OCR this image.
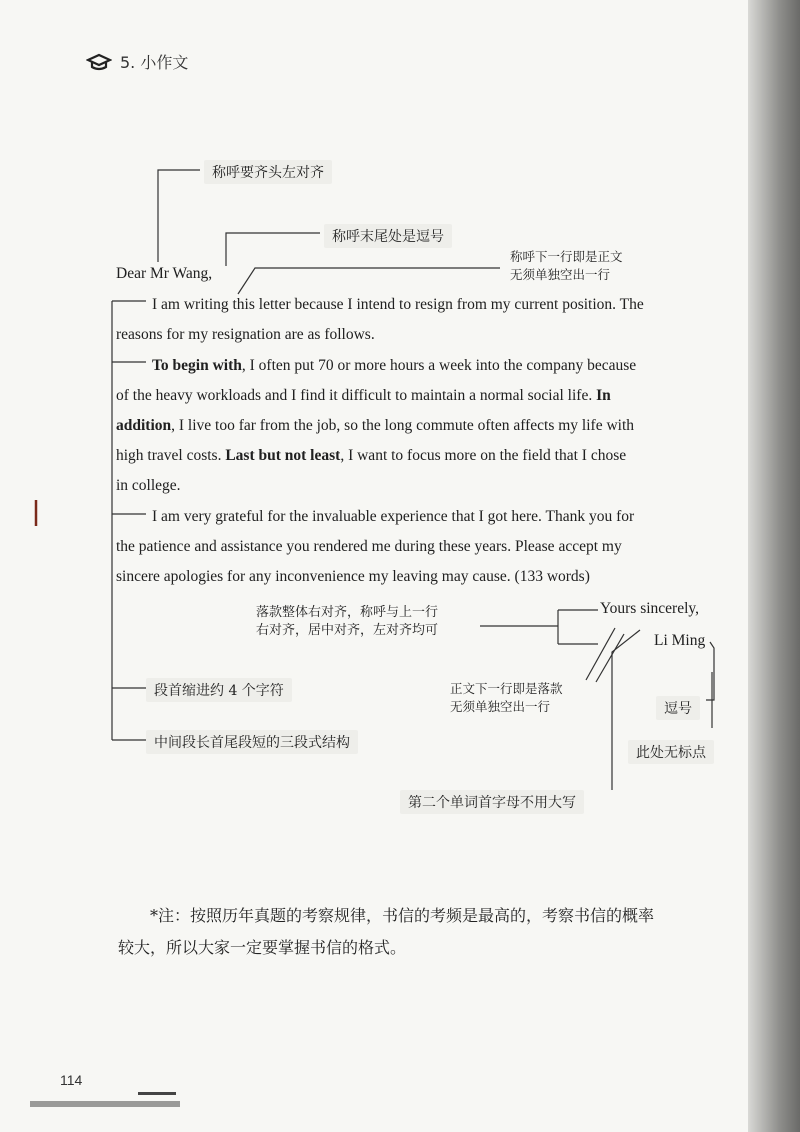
5. 小作文
称呼要齐头左对齐
称呼末尾处是逗号
称呼下一行即是正文
无须单独空出一行
Dear Mr Wang,
I am writing this letter because I intend to resign from my current position. The
reasons for my resignation are as follows.
To begin with, I often put 70 or more hours a week into the company because
of the heavy workloads and I find it difficult to maintain a normal social life. In
addition, I live too far from the job, so the long commute often affects my life with
high travel costs. Last but not least, I want to focus more on the field that I chose
in college.
I am very grateful for the invaluable experience that I got here. Thank you for
the patience and assistance you rendered me during these years. Please accept my
sincere apologies for any inconvenience my leaving may cause. (133 words)
Yours sincerely,
Li Ming
落款整体右对齐，称呼与上一行
右对齐，居中对齐，左对齐均可
段首缩进约 4 个字符	正文下一行即是落款
无须单独空出一行	逗号
中间段长首尾段短的三段式结构
此处无标点
第二个单词首字母不用大写
*注：按照历年真题的考察规律，书信的考频是最高的，考察书信的概率
较大，所以大家一定要掌握书信的格式。
114
